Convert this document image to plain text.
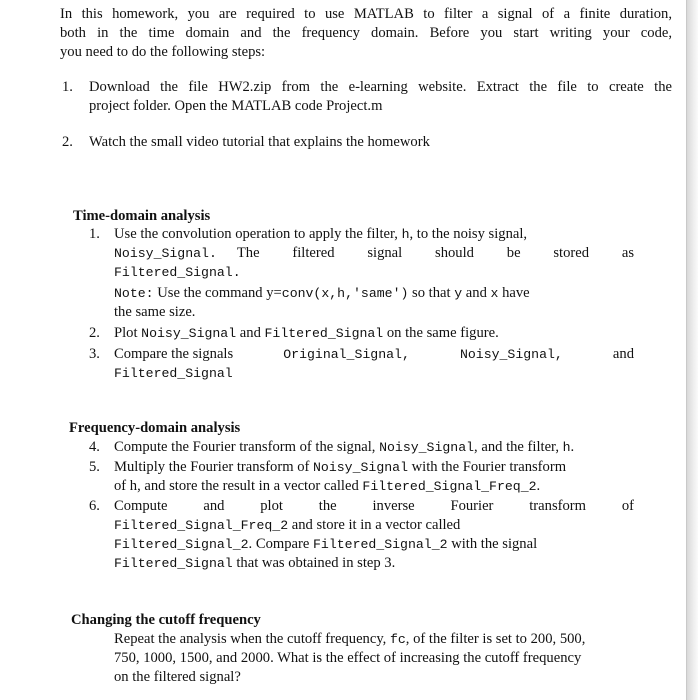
In this homework, you are required to use MATLAB to filter a signal of a finite duration,
both in the time domain and the frequency domain. Before you start writing your code,
you need to do the following steps:
1. Download the file HW2.zip from the e-learning website. Extract the file to create the
project folder. Open the MATLAB code Project.m
2. Watch the small video tutorial that explains the homework
Time-domain analysis
1. Use the convolution operation to apply the filter, h, to the noisy signal,
Noisy_Signal. The filtered signal should be stored as
Filtered_Signal.
Note: Use the command y=conv(x,h,'same') so that y and x have
the same size.
2. Plot Noisy_Signal and Filtered_Signal on the same figure.
3. Compare the signals	Original_Signal,	Noisy_Signal,	and
Filtered_Signal
Frequency-domain analysis
4. Compute the Fourier transform of the signal, Noisy_Signal, and the filter, h.
5. Multiply the Fourier transform of Noisy_Signal with the Fourier transform
of h, and store the result in a vector called Filtered_Signal_Freq_2.
6. Compute and plot the inverse Fourier transform of
Filtered_Signal_Freq_2 and store it in a vector called
Filtered_Signal_2. Compare Filtered_Signal_2 with the signal
Filtered_Signal that was obtained in step 3.
Changing the cutoff frequency
Repeat the analysis when the cutoff frequency, fc, of the filter is set to 200, 500,
750, 1000, 1500, and 2000. What is the effect of increasing the cutoff frequency
on the filtered signal?
